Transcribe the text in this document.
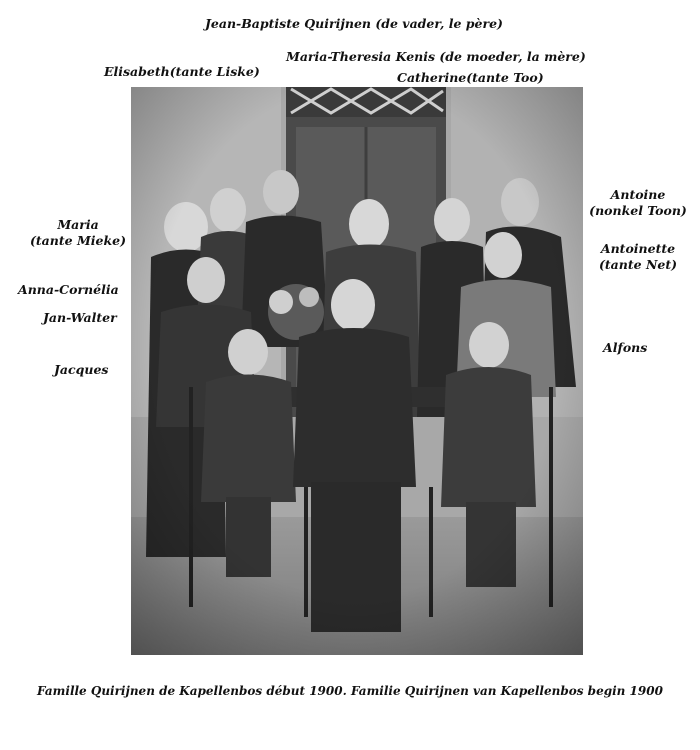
Jean-Baptiste Quirijnen (de vader, le père)
Maria-Theresia Kenis (de moeder, la mère)
Elisabeth(tante Liske)	Catherine(tante Too)
Maria
(tante Mieke)
Antoine
(nonkel Toon)
Antoinette
(tante Net)
Anna-Cornélia
Jan-Walter
Jacques
Alfons
Famille Quirijnen de Kapellenbos début 1900. Familie Quirijnen van Kapellenbos begin 1900
